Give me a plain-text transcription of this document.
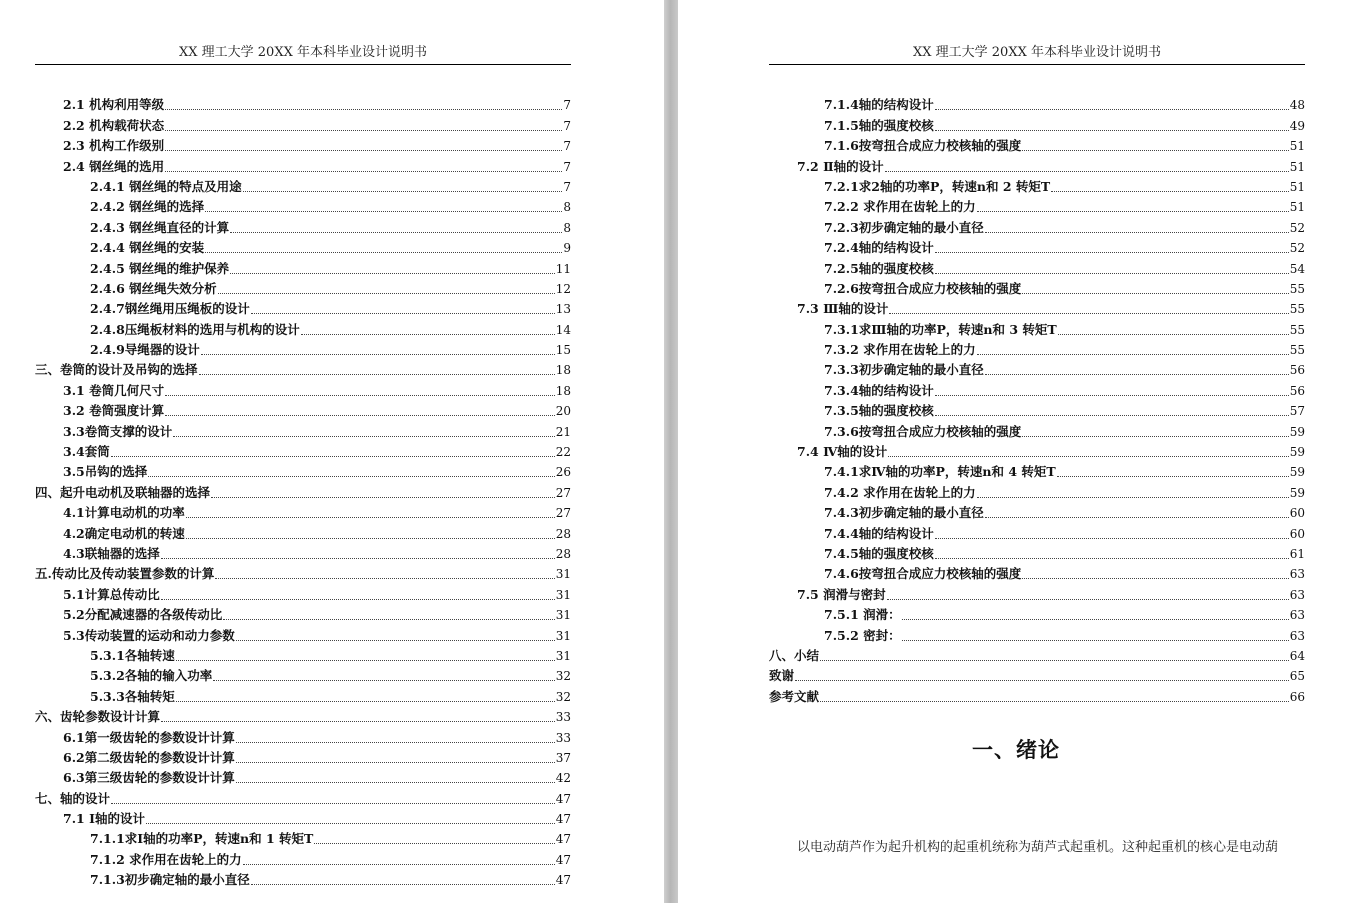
XX 理工大学 20XX 年本科毕业设计说明书
2.1 机构利用等级	7
2.2 机构载荷状态	7
2.3 机构工作级别	7
2.4 钢丝绳的选用	7
2.4.1 钢丝绳的特点及用途	7
2.4.2 钢丝绳的选择	8
2.4.3 钢丝绳直径的计算	8
2.4.4 钢丝绳的安装	9
2.4.5 钢丝绳的维护保养	11
2.4.6 钢丝绳失效分析	12
2.4.7钢丝绳用压绳板的设计	13
2.4.8压绳板材料的选用与机构的设计	14
2.4.9导绳器的设计	15
三、卷筒的设计及吊钩的选择	18
3.1 卷筒几何尺寸	18
3.2 卷筒强度计算	20
3.3卷筒支撑的设计	21
3.4套筒	22
3.5吊钩的选择	26
四、起升电动机及联轴器的选择	27
4.1计算电动机的功率	27
4.2确定电动机的转速	28
4.3联轴器的选择	28
五.传动比及传动装置参数的计算	31
5.1计算总传动比	31
5.2分配减速器的各级传动比	31
5.3传动装置的运动和动力参数	31
5.3.1各轴转速	31
5.3.2各轴的输入功率	32
5.3.3各轴转矩	32
六、齿轮参数设计计算	33
6.1第一级齿轮的参数设计计算	33
6.2第二级齿轮的参数设计计算	37
6.3第三级齿轮的参数设计计算	42
七、轴的设计	47
7.1 Ⅰ轴的设计	47
7.1.1求Ⅰ轴的功率P，转速n和 1 转矩T	47
7.1.2 求作用在齿轮上的力	47
7.1.3初步确定轴的最小直径	47
XX 理工大学 20XX 年本科毕业设计说明书
7.1.4轴的结构设计	48
7.1.5轴的强度校核	49
7.1.6按弯扭合成应力校核轴的强度	51
7.2 Ⅱ轴的设计	51
7.2.1求2轴的功率P，转速n和 2 转矩T	51
7.2.2 求作用在齿轮上的力	51
7.2.3初步确定轴的最小直径	52
7.2.4轴的结构设计	52
7.2.5轴的强度校核	54
7.2.6按弯扭合成应力校核轴的强度	55
7.3 Ⅲ轴的设计	55
7.3.1求Ⅲ轴的功率P，转速n和 3 转矩T	55
7.3.2 求作用在齿轮上的力	55
7.3.3初步确定轴的最小直径	56
7.3.4轴的结构设计	56
7.3.5轴的强度校核	57
7.3.6按弯扭合成应力校核轴的强度	59
7.4 Ⅳ轴的设计	59
7.4.1求Ⅳ轴的功率P，转速n和 4 转矩T	59
7.4.2 求作用在齿轮上的力	59
7.4.3初步确定轴的最小直径	60
7.4.4轴的结构设计	60
7.4.5轴的强度校核	61
7.4.6按弯扭合成应力校核轴的强度	63
7.5 润滑与密封	63
7.5.1 润滑：	63
7.5.2 密封：	63
八、小结	64
致谢	65
参考文献	66
一、绪论
以电动葫芦作为起升机构的起重机统称为葫芦式起重机。这种起重机的核心是电动葫
